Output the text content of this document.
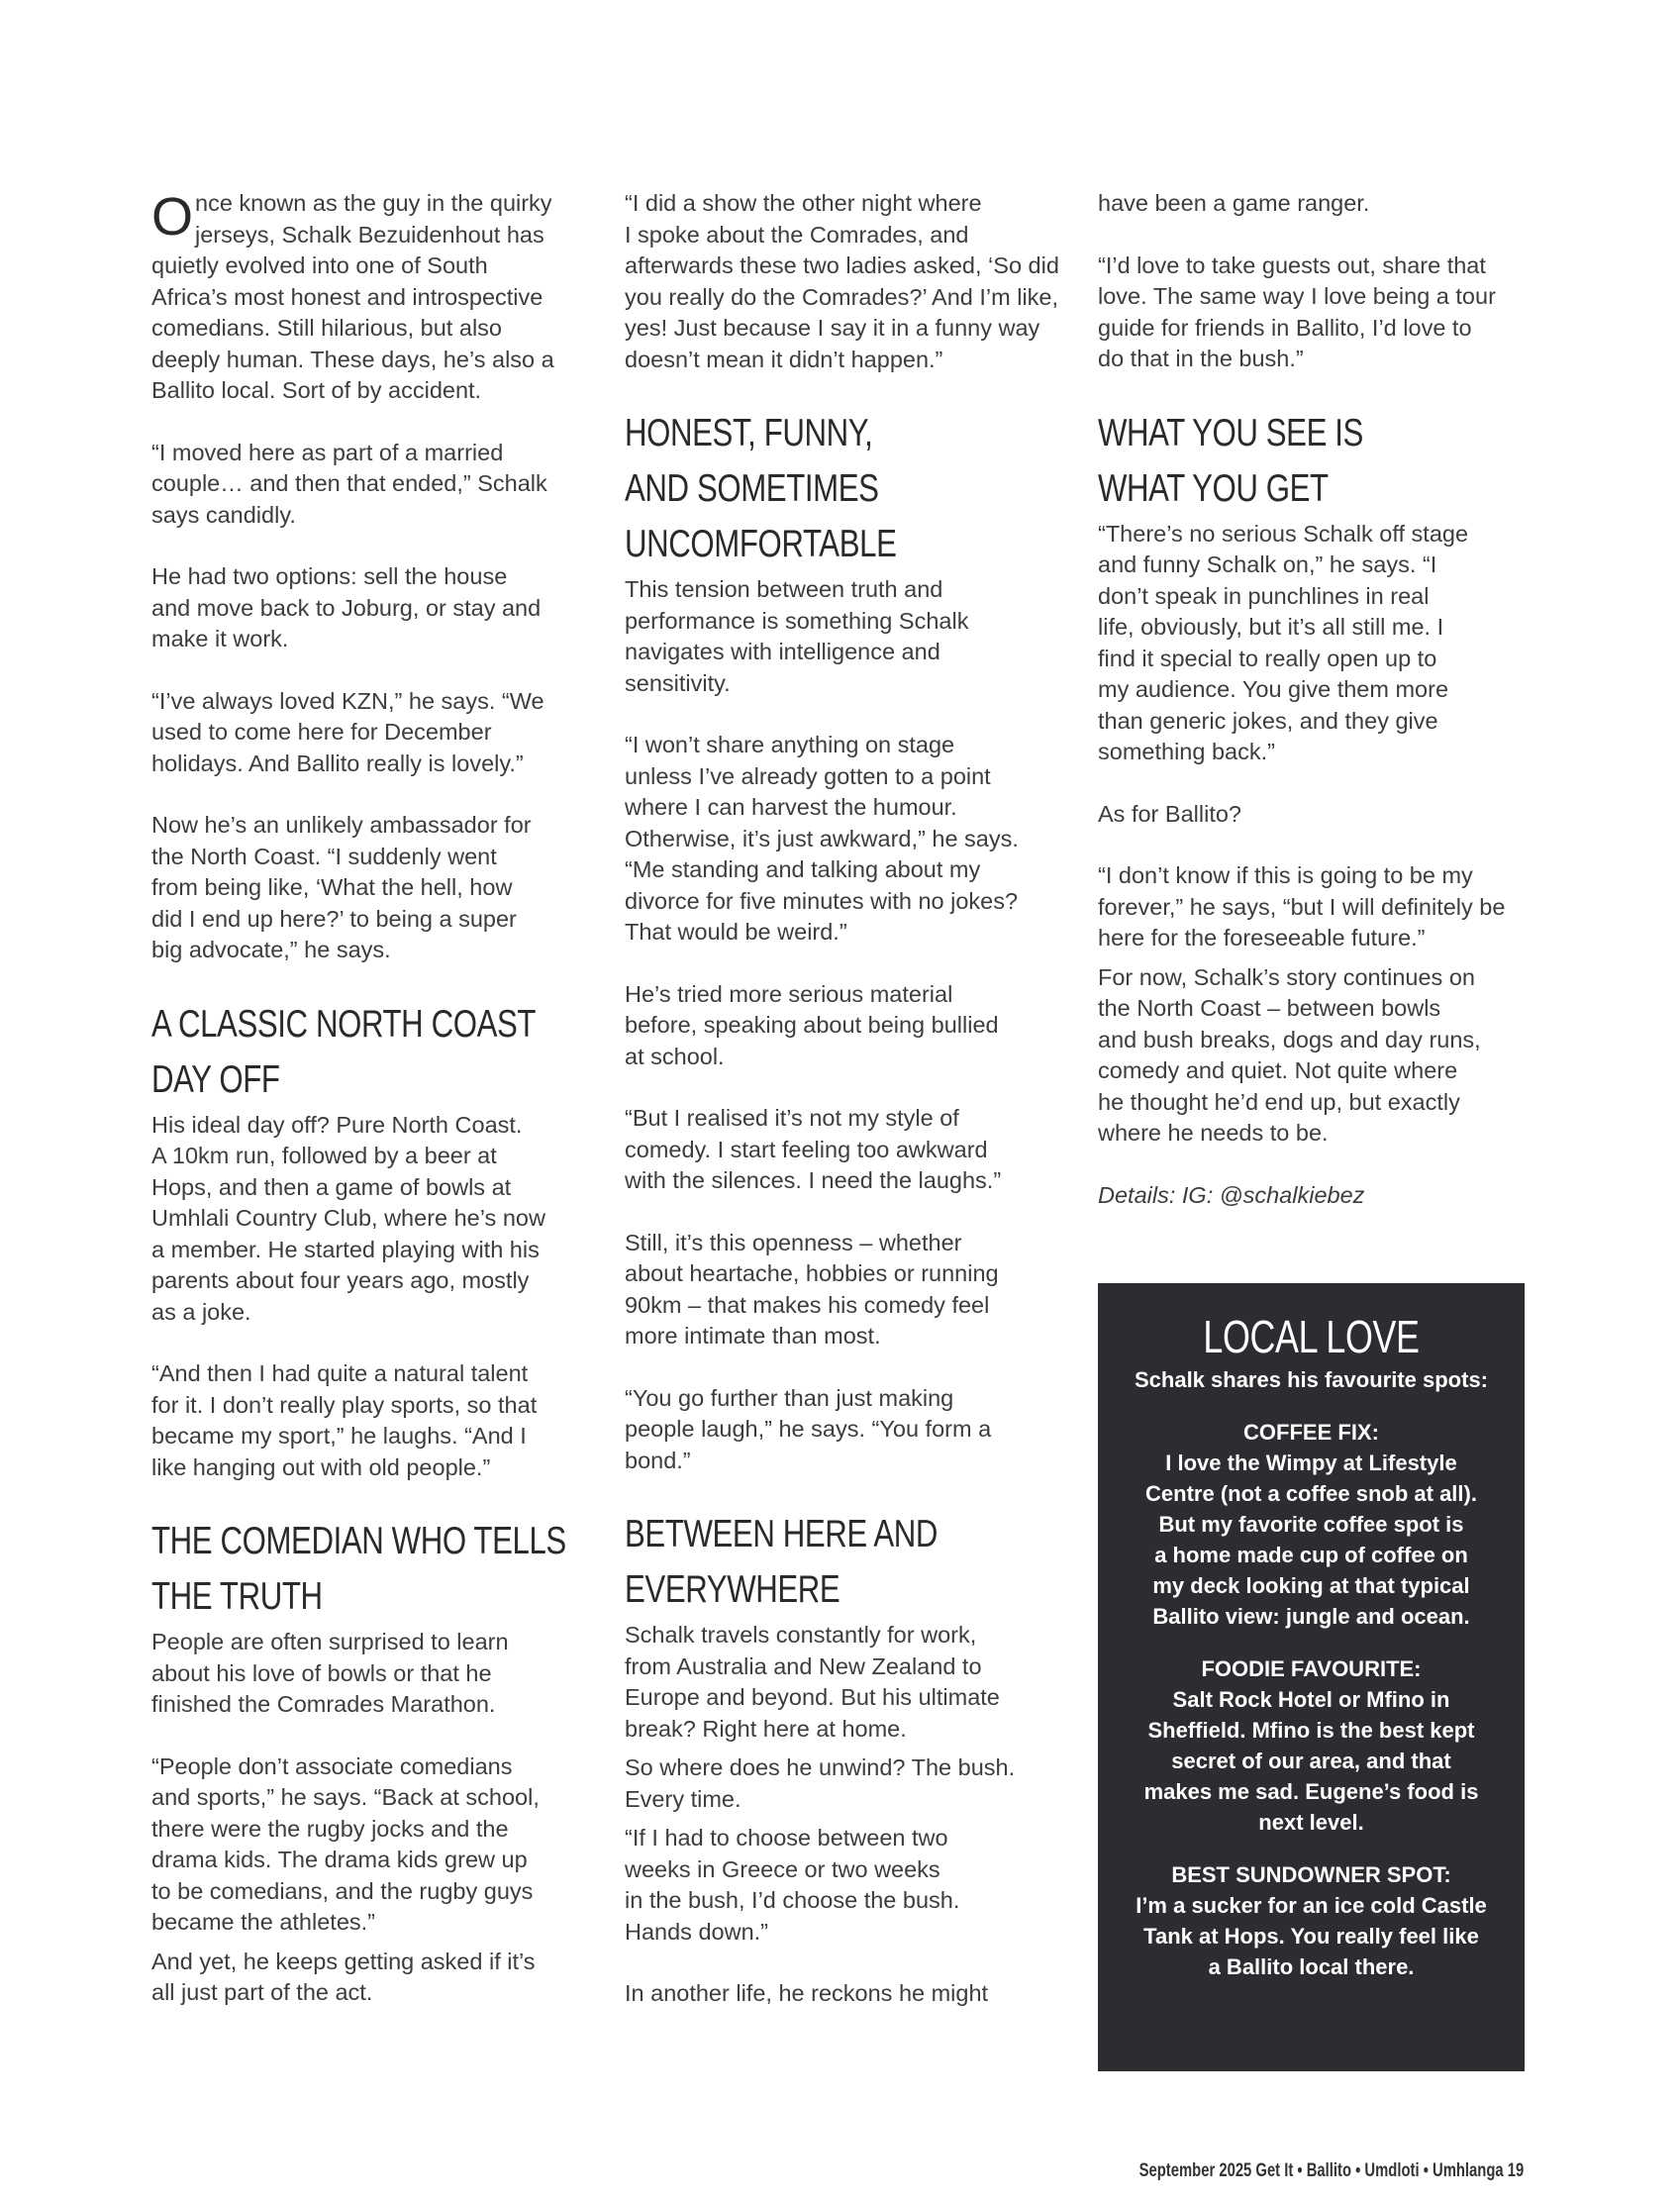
Once known as the guy in the quirky
jerseys, Schalk Bezuidenhout has
quietly evolved into one of South
Africa’s most honest and introspective
comedians. Still hilarious, but also
deeply human. These days, he’s also a
Ballito local. Sort of by accident.

“I moved here as part of a married
couple… and then that ended,” Schalk
says candidly.

He had two options: sell the house
and move back to Joburg, or stay and
make it work.

“I’ve always loved KZN,” he says. “We
used to come here for December
holidays. And Ballito really is lovely.”

Now he’s an unlikely ambassador for
the North Coast. “I suddenly went
from being like, ‘What the hell, how
did I end up here?’ to being a super
big advocate,” he says.

A CLASSIC NORTH COAST
DAY OFF

His ideal day off? Pure North Coast.
A 10km run, followed by a beer at
Hops, and then a game of bowls at
Umhlali Country Club, where he’s now
a member. He started playing with his
parents about four years ago, mostly
as a joke.

“And then I had quite a natural talent
for it. I don’t really play sports, so that
became my sport,” he laughs. “And I
like hanging out with old people.”

THE COMEDIAN WHO TELLS
THE TRUTH

People are often surprised to learn
about his love of bowls or that he
finished the Comrades Marathon.

“People don’t associate comedians
and sports,” he says. “Back at school,
there were the rugby jocks and the
drama kids. The drama kids grew up
to be comedians, and the rugby guys
became the athletes.”

And yet, he keeps getting asked if it’s
all just part of the act.

“I did a show the other night where
I spoke about the Comrades, and
afterwards these two ladies asked, ‘So did
you really do the Comrades?’ And I’m like,
yes! Just because I say it in a funny way
doesn’t mean it didn’t happen.”

HONEST, FUNNY,
AND SOMETIMES
UNCOMFORTABLE

This tension between truth and
performance is something Schalk
navigates with intelligence and
sensitivity.

“I won’t share anything on stage
unless I’ve already gotten to a point
where I can harvest the humour.
Otherwise, it’s just awkward,” he says.
“Me standing and talking about my
divorce for five minutes with no jokes?
That would be weird.”

He’s tried more serious material
before, speaking about being bullied
at school.

“But I realised it’s not my style of
comedy. I start feeling too awkward
with the silences. I need the laughs.”

Still, it’s this openness – whether
about heartache, hobbies or running
90km – that makes his comedy feel
more intimate than most.

“You go further than just making
people laugh,” he says. “You form a
bond.”

BETWEEN HERE AND
EVERYWHERE

Schalk travels constantly for work,
from Australia and New Zealand to
Europe and beyond. But his ultimate
break? Right here at home.

So where does he unwind? The bush.
Every time.

“If I had to choose between two
weeks in Greece or two weeks
in the bush, I’d choose the bush.
Hands down.”

In another life, he reckons he might

have been a game ranger.

“I’d love to take guests out, share that
love. The same way I love being a tour
guide for friends in Ballito, I’d love to
do that in the bush.”

WHAT YOU SEE IS
WHAT YOU GET

“There’s no serious Schalk off stage
and funny Schalk on,” he says. “I
don’t speak in punchlines in real
life, obviously, but it’s all still me. I
find it special to really open up to
my audience. You give them more
than generic jokes, and they give
something back.”

As for Ballito?

“I don’t know if this is going to be my
forever,” he says, “but I will definitely be
here for the foreseeable future.”

For now, Schalk’s story continues on
the North Coast – between bowls
and bush breaks, dogs and day runs,
comedy and quiet. Not quite where
he thought he’d end up, but exactly
where he needs to be.

Details: IG: @schalkiebez

LOCAL LOVE

Schalk shares his favourite spots:

COFFEE FIX:

I love the Wimpy at Lifestyle
Centre (not a coffee snob at all).
But my favorite coffee spot is
a home made cup of coffee on
my deck looking at that typical
Ballito view: jungle and ocean.

FOODIE FAVOURITE:

Salt Rock Hotel or Mfino in
Sheffield. Mfino is the best kept
secret of our area, and that
makes me sad. Eugene’s food is
next level.

BEST SUNDOWNER SPOT:

I’m a sucker for an ice cold Castle
Tank at Hops. You really feel like
a Ballito local there.

September 2025 Get It • Ballito • Umdloti • Umhlanga 19
